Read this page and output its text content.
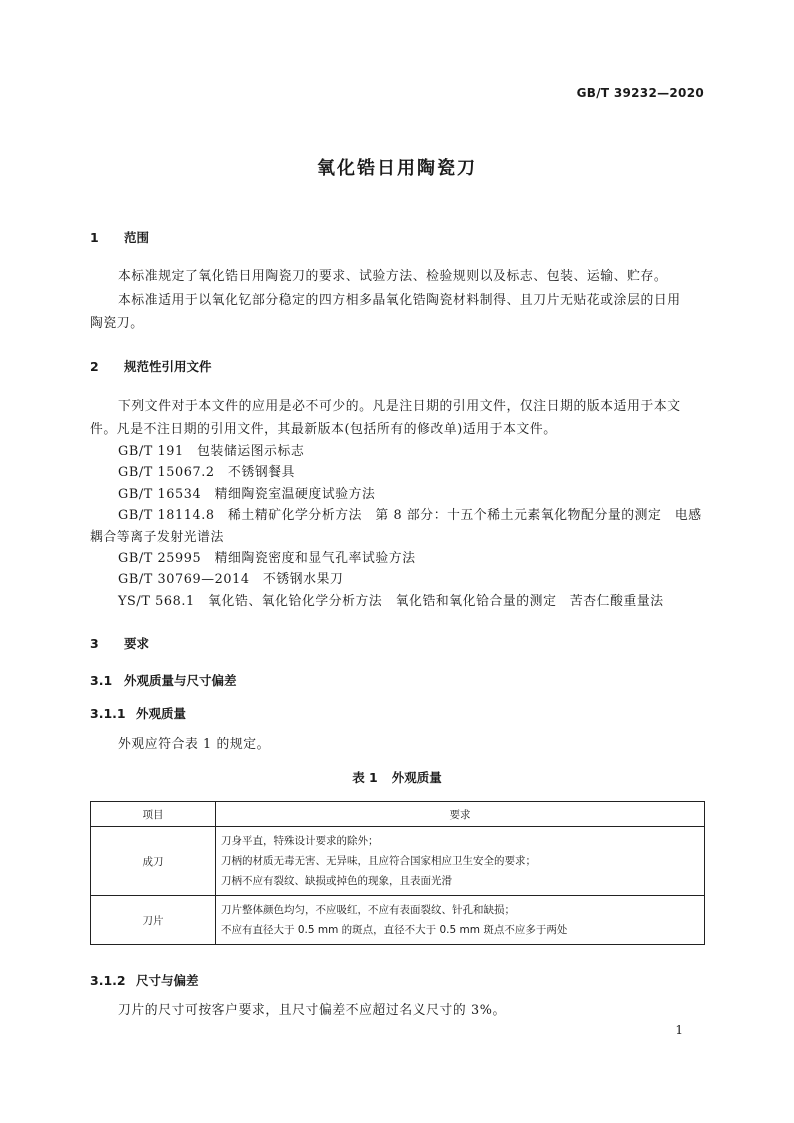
GB/T 39232—2020
氧化锆日用陶瓷刀
1 范围
本标准规定了氧化锆日用陶瓷刀的要求、试验方法、检验规则以及标志、包装、运输、贮存。
本标准适用于以氧化钇部分稳定的四方相多晶氧化锆陶瓷材料制得、且刀片无贴花或涂层的日用
陶瓷刀。
2 规范性引用文件
下列文件对于本文件的应用是必不可少的。凡是注日期的引用文件，仅注日期的版本适用于本文
件。凡是不注日期的引用文件，其最新版本(包括所有的修改单)适用于本文件。
GB/T 191　包装储运图示标志
GB/T 15067.2　不锈钢餐具
GB/T 16534　精细陶瓷室温硬度试验方法
GB/T 18114.8　稀土精矿化学分析方法　第 8 部分：十五个稀土元素氧化物配分量的测定　电感
耦合等离子发射光谱法
GB/T 25995　精细陶瓷密度和显气孔率试验方法
GB/T 30769—2014　不锈钢水果刀
YS/T 568.1　氧化锆、氧化铪化学分析方法　氧化锆和氧化铪合量的测定　苦杏仁酸重量法
3 要求
3.1 外观质量与尺寸偏差
3.1.1 外观质量
外观应符合表 1 的规定。
表 1 外观质量
项目	要求
成刀	刀身平直，特殊设计要求的除外；
刀柄的材质无毒无害、无异味，且应符合国家相应卫生安全的要求；
刀柄不应有裂纹、缺损或掉色的现象，且表面光滑

刀片	刀片整体颜色均匀，不应吸红，不应有表面裂纹、针孔和缺损；
不应有直径大于 0.5 mm 的斑点，直径不大于 0.5 mm 斑点不应多于两处
3.1.2 尺寸与偏差
刀片的尺寸可按客户要求，且尺寸偏差不应超过名义尺寸的 3%。
1
